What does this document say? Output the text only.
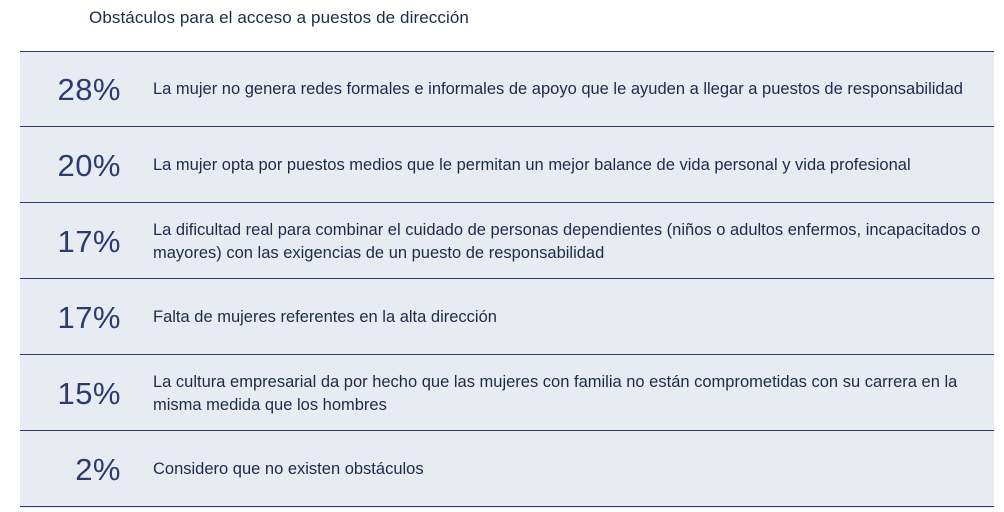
Obstáculos para el acceso a puestos de dirección
28% La mujer no genera redes formales e informales de apoyo que le ayuden a llegar a puestos de responsabilidad
20% La mujer opta por puestos medios que le permitan un mejor balance de vida personal y vida profesional
17% La dificultad real para combinar el cuidado de personas dependientes (niños o adultos enfermos, incapacitados o mayores) con las exigencias de un puesto de responsabilidad
17% Falta de mujeres referentes en la alta dirección
15% La cultura empresarial da por hecho que las mujeres con familia no están comprometidas con su carrera en la misma medida que los hombres
2% Considero que no existen obstáculos
